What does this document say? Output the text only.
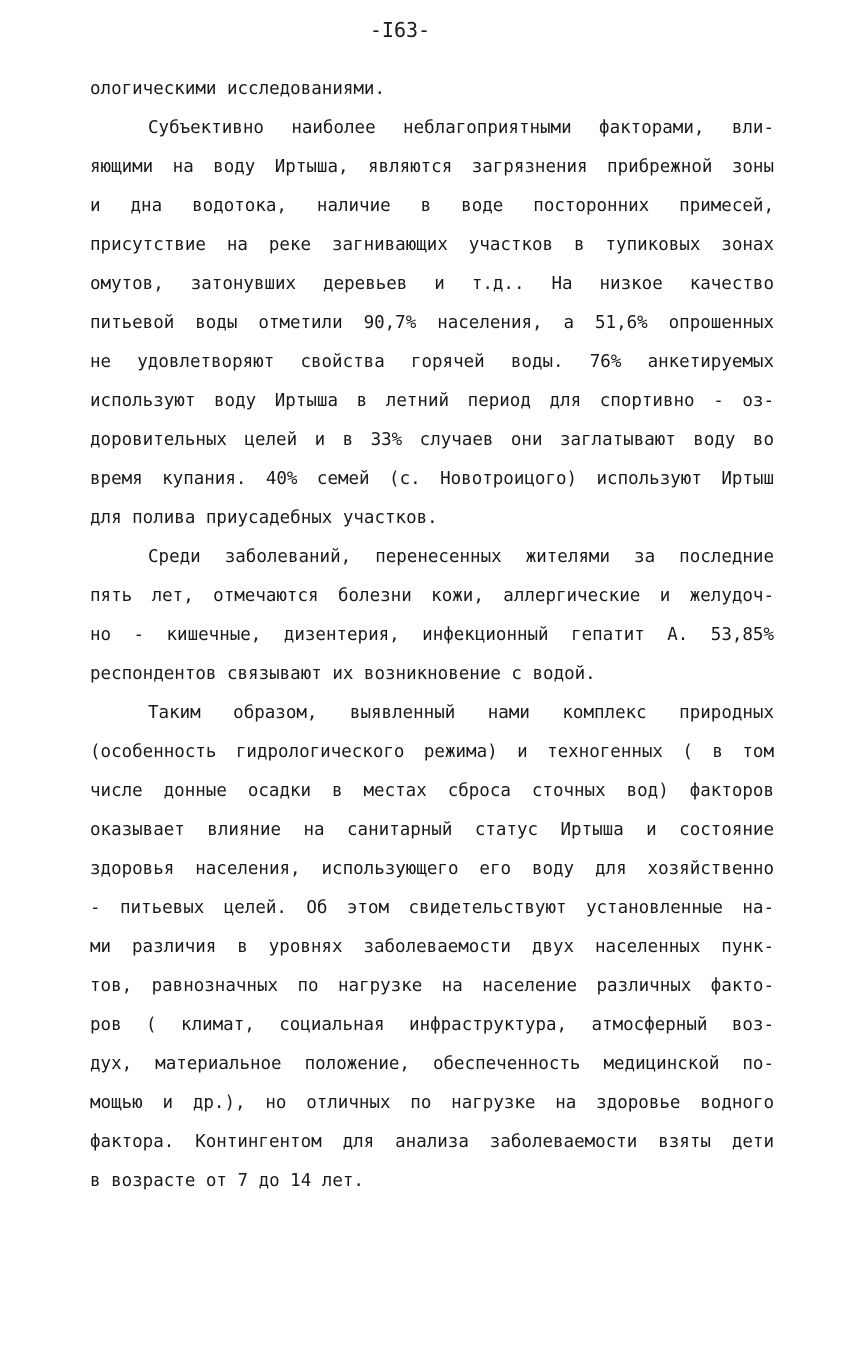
-I63-
ологическими исследованиями.
Субъективно наиболее неблагоприятными факторами, вли-
яющими на воду Иртыша, являются загрязнения прибрежной зоны
и дна водотока, наличие в воде посторонних примесей,
присутствие на реке загнивающих участков в тупиковых зонах
омутов, затонувших деревьев и т.д.. На низкое качество
питьевой воды отметили 90,7% населения, а 51,6% опрошенных
не удовлетворяют свойства горячей воды. 76% анкетируемых
используют воду Иртыша в летний период для спортивно - оз-
доровительных целей и в 33% случаев они заглатывают воду во
время купания. 40% семей (с. Новотроицого) используют Иртыш
для полива приусадебных участков.
Среди заболеваний, перенесенных жителями за последние
пять лет, отмечаются болезни кожи, аллергические и желудоч-
но - кишечные, дизентерия, инфекционный гепатит А. 53,85%
респондентов связывают их возникновение с водой.
Таким образом, выявленный нами комплекс природных
(особенность гидрологического режима) и техногенных ( в том
числе донные осадки в местах сброса сточных вод) факторов
оказывает влияние на санитарный статус Иртыша и состояние
здоровья населения, использующего его воду для хозяйственно
- питьевых целей. Об этом свидетельствуют установленные на-
ми различия в уровнях заболеваемости двух населенных пунк-
тов, равнозначных по нагрузке на население различных факто-
ров ( климат, социальная инфраструктура, атмосферный воз-
дух, материальное положение, обеспеченность медицинской по-
мощью и др.), но отличных по нагрузке на здоровье водного
фактора. Контингентом для анализа заболеваемости взяты дети
в возрасте от 7 до 14 лет.
